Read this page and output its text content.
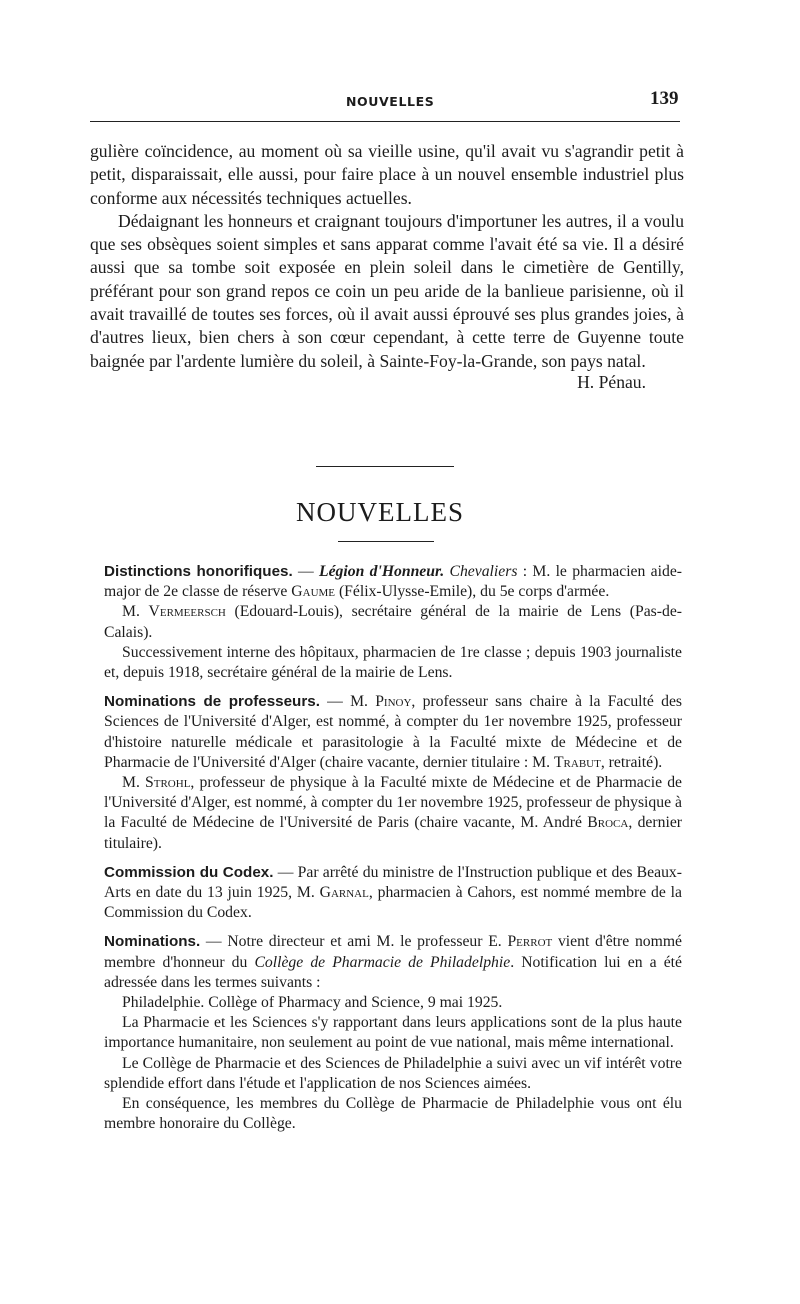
NOUVELLES	139

gulière coïncidence, au moment où sa vieille usine, qu'il avait vu s'agrandir petit à petit, disparaissait, elle aussi, pour faire place à un nouvel ensemble industriel plus conforme aux nécessités techniques actuelles.

Dédaignant les honneurs et craignant toujours d'importuner les autres, il a voulu que ses obsèques soient simples et sans apparat comme l'avait été sa vie. Il a désiré aussi que sa tombe soit exposée en plein soleil dans le cimetière de Gentilly, préférant pour son grand repos ce coin un peu aride de la banlieue parisienne, où il avait travaillé de toutes ses forces, où il avait aussi éprouvé ses plus grandes joies, à d'autres lieux, bien chers à son cœur cependant, à cette terre de Guyenne toute baignée par l'ardente lumière du soleil, à Sainte-Foy-la-Grande, son pays natal.

H. Pénau.

NOUVELLES

Distinctions honorifiques. — Légion d'Honneur. Chevaliers : M. le pharmacien aide-major de 2e classe de réserve Gaume (Félix-Ulysse-Emile), du 5e corps d'armée.

M. Vermeersch (Edouard-Louis), secrétaire général de la mairie de Lens (Pas-de-Calais).

Successivement interne des hôpitaux, pharmacien de 1re classe ; depuis 1903 journaliste et, depuis 1918, secrétaire général de la mairie de Lens.

Nominations de professeurs. — M. Pinoy, professeur sans chaire à la Faculté des Sciences de l'Université d'Alger, est nommé, à compter du 1er novembre 1925, professeur d'histoire naturelle médicale et parasitologie à la Faculté mixte de Médecine et de Pharmacie de l'Université d'Alger (chaire vacante, dernier titulaire : M. Trabut, retraité).

M. Strohl, professeur de physique à la Faculté mixte de Médecine et de Pharmacie de l'Université d'Alger, est nommé, à compter du 1er novembre 1925, professeur de physique à la Faculté de Médecine de l'Université de Paris (chaire vacante, M. André Broca, dernier titulaire).

Commission du Codex. — Par arrêté du ministre de l'Instruction publique et des Beaux-Arts en date du 13 juin 1925, M. Garnal, pharmacien à Cahors, est nommé membre de la Commission du Codex.

Nominations. — Notre directeur et ami M. le professeur E. Perrot vient d'être nommé membre d'honneur du Collège de Pharmacie de Philadelphie. Notification lui en a été adressée dans les termes suivants :

Philadelphie. Collège of Pharmacy and Science, 9 mai 1925.

La Pharmacie et les Sciences s'y rapportant dans leurs applications sont de la plus haute importance humanitaire, non seulement au point de vue national, mais même international.

Le Collège de Pharmacie et des Sciences de Philadelphie a suivi avec un vif intérêt votre splendide effort dans l'étude et l'application de nos Sciences aimées.

En conséquence, les membres du Collège de Pharmacie de Philadelphie vous ont élu membre honoraire du Collège.
